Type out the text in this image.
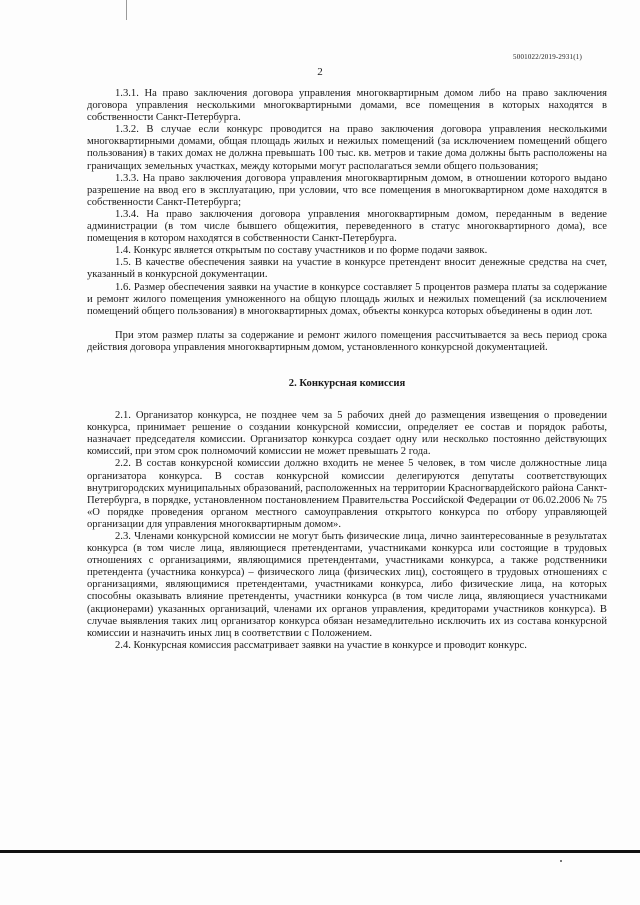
5001022/2019-2931(1)
2

1.3.1. На право заключения договора управления многоквартирным домом либо на право заключения договора управления несколькими многоквартирными домами, все помещения в которых находятся в собственности Санкт-Петербурга.

1.3.2. В случае если конкурс проводится на право заключения договора управления несколькими многоквартирными домами, общая площадь жилых и нежилых помещений (за исключением помещений общего пользования) в таких домах не должна превышать 100 тыс. кв. метров и такие дома должны быть расположены на граничащих земельных участках, между которыми могут располагаться земли общего пользования;

1.3.3. На право заключения договора управления многоквартирным домом, в отношении которого выдано разрешение на ввод его в эксплуатацию, при условии, что все помещения в многоквартирном доме находятся в собственности Санкт-Петербурга;

1.3.4. На право заключения договора управления многоквартирным домом, переданным в ведение администрации (в том числе бывшего общежития, переведенного в статус многоквартирного дома), все помещения в котором находятся в собственности Санкт-Петербурга.

1.4. Конкурс является открытым по составу участников и по форме подачи заявок.

1.5. В качестве обеспечения заявки на участие в конкурсе претендент вносит денежные средства на счет, указанный в конкурсной документации.

1.6. Размер обеспечения заявки на участие в конкурсе составляет 5 процентов размера платы за содержание и ремонт жилого помещения умноженного на общую площадь жилых и нежилых помещений (за исключением помещений общего пользования) в многоквартирных домах, объекты конкурса которых объединены в один лот.

При этом размер платы за содержание и ремонт жилого помещения рассчитывается за весь период срока действия договора управления многоквартирным домом, установленного конкурсной документацией.

2. Конкурсная комиссия

2.1. Организатор конкурса, не позднее чем за 5 рабочих дней до размещения извещения о проведении конкурса, принимает решение о создании конкурсной комиссии, определяет ее состав и порядок работы, назначает председателя комиссии. Организатор конкурса создает одну или несколько постоянно действующих комиссий, при этом срок полномочий комиссии не может превышать 2 года.

2.2. В состав конкурсной комиссии должно входить не менее 5 человек, в том числе должностные лица организатора конкурса. В состав конкурсной комиссии делегируются депутаты соответствующих внутригородских муниципальных образований, расположенных на территории Красногвардейского района Санкт-Петербурга, в порядке, установленном постановлением Правительства Российской Федерации от 06.02.2006 № 75 «О порядке проведения органом местного самоуправления открытого конкурса по отбору управляющей организации для управления многоквартирным домом».

2.3. Членами конкурсной комиссии не могут быть физические лица, лично заинтересованные в результатах конкурса (в том числе лица, являющиеся претендентами, участниками конкурса или состоящие в трудовых отношениях с организациями, являющимися претендентами, участниками конкурса, а также родственники претендента (участника конкурса) – физического лица (физических лиц), состоящего в трудовых отношениях с организациями, являющимися претендентами, участниками конкурса, либо физические лица, на которых способны оказывать влияние претенденты, участники конкурса (в том числе лица, являющиеся участниками (акционерами) указанных организаций, членами их органов управления, кредиторами участников конкурса). В случае выявления таких лиц организатор конкурса обязан незамедлительно исключить их из состава конкурсной комиссии и назначить иных лиц в соответствии с Положением.

2.4. Конкурсная комиссия рассматривает заявки на участие в конкурсе и проводит конкурс.
